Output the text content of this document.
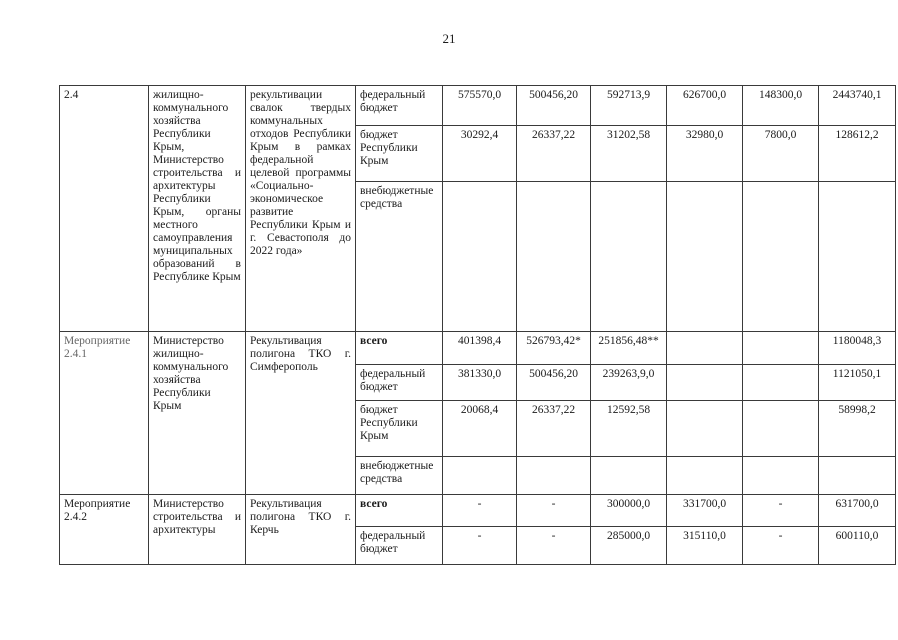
21
2.4	жилищно-коммунального хозяйства Республики Крым, Министерство строительства и архитектуры Республики Крым, органы местного самоуправления муниципальных образований в Республике Крым	рекультивации свалок твердых коммунальных отходов Республики Крым в рамках федеральной целевой программы «Социально-экономическое развитие Республики Крым и г. Севастополя до 2022 года»	федеральный бюджет	575570,0	500456,20	592713,9	626700,0	148300,0	2443740,1
			бюджет Республики Крым	30292,4	26337,22	31202,58	32980,0	7800,0	128612,2
			внебюджетные средства						
Мероприятие 2.4.1	Министерство жилищно-коммунального хозяйства Республики Крым	Рекультивация полигона ТКО г. Симферополь	всего	401398,4	526793,42*	251856,48**			1180048,3
			федеральный бюджет	381330,0	500456,20	239263,9,0			1121050,1
			бюджет Республики Крым	20068,4	26337,22	12592,58			58998,2
			внебюджетные средства						
Мероприятие 2.4.2	Министерство строительства и архитектуры	Рекультивация полигона ТКО г. Керчь	всего	-	-	300000,0	331700,0	-	631700,0
			федеральный бюджет	-	-	285000,0	315110,0	-	600110,0
